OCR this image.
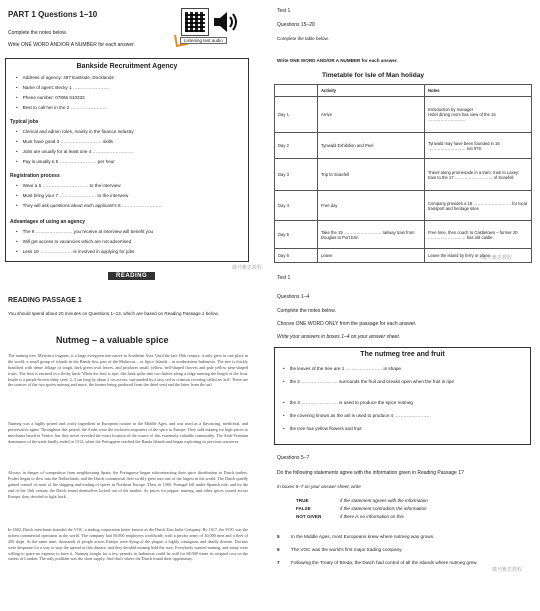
PART 1 Questions 1–10
Complete the notes below.
Write ONE WORD AND/OR A NUMBER for each answer.
Listening test audio
Bankside Recruitment Agency
• Address of agency: 497 Eastside, Docklands
• Name of agent: Becky 1 ……………………
• Phone number: 07866 510333
• Best to call her in the 2 ……………………
Typical jobs
• Clerical and admin roles, mainly in the finance industry
• Must have good 3 ……………………… skills
• Jobs are usually for at least one 4 ………………………
• Pay is usually £ 5 …………………… per hour
Registration process
• Wear a 6 ………………………… to the interview
• Must bring your 7 …………………… to the interview
• They will ask questions about each applicant's 8 ………………………
Advantages of using an agency
• The 9 …………………… you receive at interview will benefit you
• Will get access to vacancies which are not advertised
• Less 10 ………………… is involved in applying for jobs
READING
READING PASSAGE 1
You should spend about 20 minutes on Questions 1–13, which are based on Reading Passage 1 below.
Nutmeg – a valuable spice
The nutmeg tree, Myristica fragrans, is a large evergreen tree native to Southeast Asia. Until the late 18th century, it only grew in one place in the world: a small group of islands in the Banda Sea, part of the Moluccas – or Spice Islands – in northeastern Indonesia. The tree is thickly branched with dense foliage of tough, dark green oval leaves, and produces small, yellow, bell-shaped flowers and pale yellow pear-shaped fruits. The fruit is encased in a fleshy husk. When the fruit is ripe, this husk splits into two halves along a ridge running the length of the fruit. Inside is a purple-brown shiny seed, 2–3 cm long by about 2 cm across, surrounded by a lacy red or crimson covering called an 'aril'. These are the sources of the two spices nutmeg and mace, the former being produced from the dried seed and the latter from the aril.
Nutmeg was a highly prized and costly ingredient in European cuisine in the Middle Ages, and was used as a flavouring, medicinal, and preservative agent. Throughout this period, the Arabs were the exclusive importers of the spice to Europe. They sold nutmeg for high prices to merchants based in Venice, but they never revealed the exact location of the source of this extremely valuable commodity. The Arab-Venetian dominance of the trade finally ended in 1512, when the Portuguese reached the Banda Islands and began exploiting its precious resources.
Always in danger of competition from neighbouring Spain, the Portuguese began subcontracting their spice distribution to Dutch traders. Profits began to flow into the Netherlands, and the Dutch commercial fleet swiftly grew into one of the largest in the world. The Dutch quietly gained control of most of the shipping and trading of spices in Northern Europe. Then, in 1580, Portugal fell under Spanish rule, and by the end of the 16th century the Dutch found themselves locked out of the market. As prices for pepper, nutmeg, and other spices soared across Europe, they decided to fight back.
In 1602, Dutch merchants founded the VOC, a trading corporation better known as the Dutch East India Company. By 1617, the VOC was the richest commercial operation in the world. The company had 50,000 employees worldwide, with a private army of 30,000 men and a fleet of 200 ships. At the same time, thousands of people across Europe were dying of the plague, a highly contagious and deadly disease. Doctors were desperate for a way to stop the spread of this disease, and they decided nutmeg held the cure. Everybody wanted nutmeg, and many were willing to spare no expense to have it. Nutmeg bought for a few pennies in Indonesia could be sold for 68,000 times its original cost on the streets of London. The only problem was the short supply. And that's where the Dutch found their opportunity.
Test 1
Questions 15–20
Complete the table below.
Write ONE WORD AND/OR A NUMBER for each answer.
Timetable for Isle of Man holiday
	Activity	Notes
Day 1	Arrive	Introduction by manager
Hotel dining room has view of the 15 ………………………
Day 2	Tynwald Exhibition and Peel	Tynwald may have been founded in 16 ……………………… not 979.
Day 3	Trip to Snaefell	Travel along promenade in a tram; train to Laxey; train to the 17 ……………………… of Snaefell
Day 4	Free day	Company provides a 18 ……………………… for local transport and heritage sites
Day 5	Take the 19 ……………………… railway train from Douglas to Port Erin	Free time, then coach to Castletown – former 20 ……………………… has old castle.
Day 6	Leave	Leave the island by ferry or plane
微号雅思教程
Test 1
Questions 1–4
Complete the notes below.
Choose ONE WORD ONLY from the passage for each answer.
Write your answers in boxes 1–4 on your answer sheet.
The nutmeg tree and fruit
• the leaves of the tree are 1 …………………… in shape
• the 2 …………………… surrounds the fruit and breaks open when the fruit is ripe
• the 3 …………………… is used to produce the spice nutmeg
• the covering known as the aril is used to produce 4 ……………………
• the tree has yellow flowers and fruit
Questions 5–7
Do the following statements agree with the information given in Reading Passage 1?
In boxes 5–7 on your answer sheet, write
TRUE	if the statement agrees with the information
FALSE	if the statement contradicts the information
NOT GIVEN	if there is no information on this
5 In the Middle Ages, most Europeans knew where nutmeg was grown.
6 The VOC was the world's first major trading company.
7 Following the Treaty of Breda, the Dutch had control of all the islands where nutmeg grew.
微号雅思教程
微号雅思教程
